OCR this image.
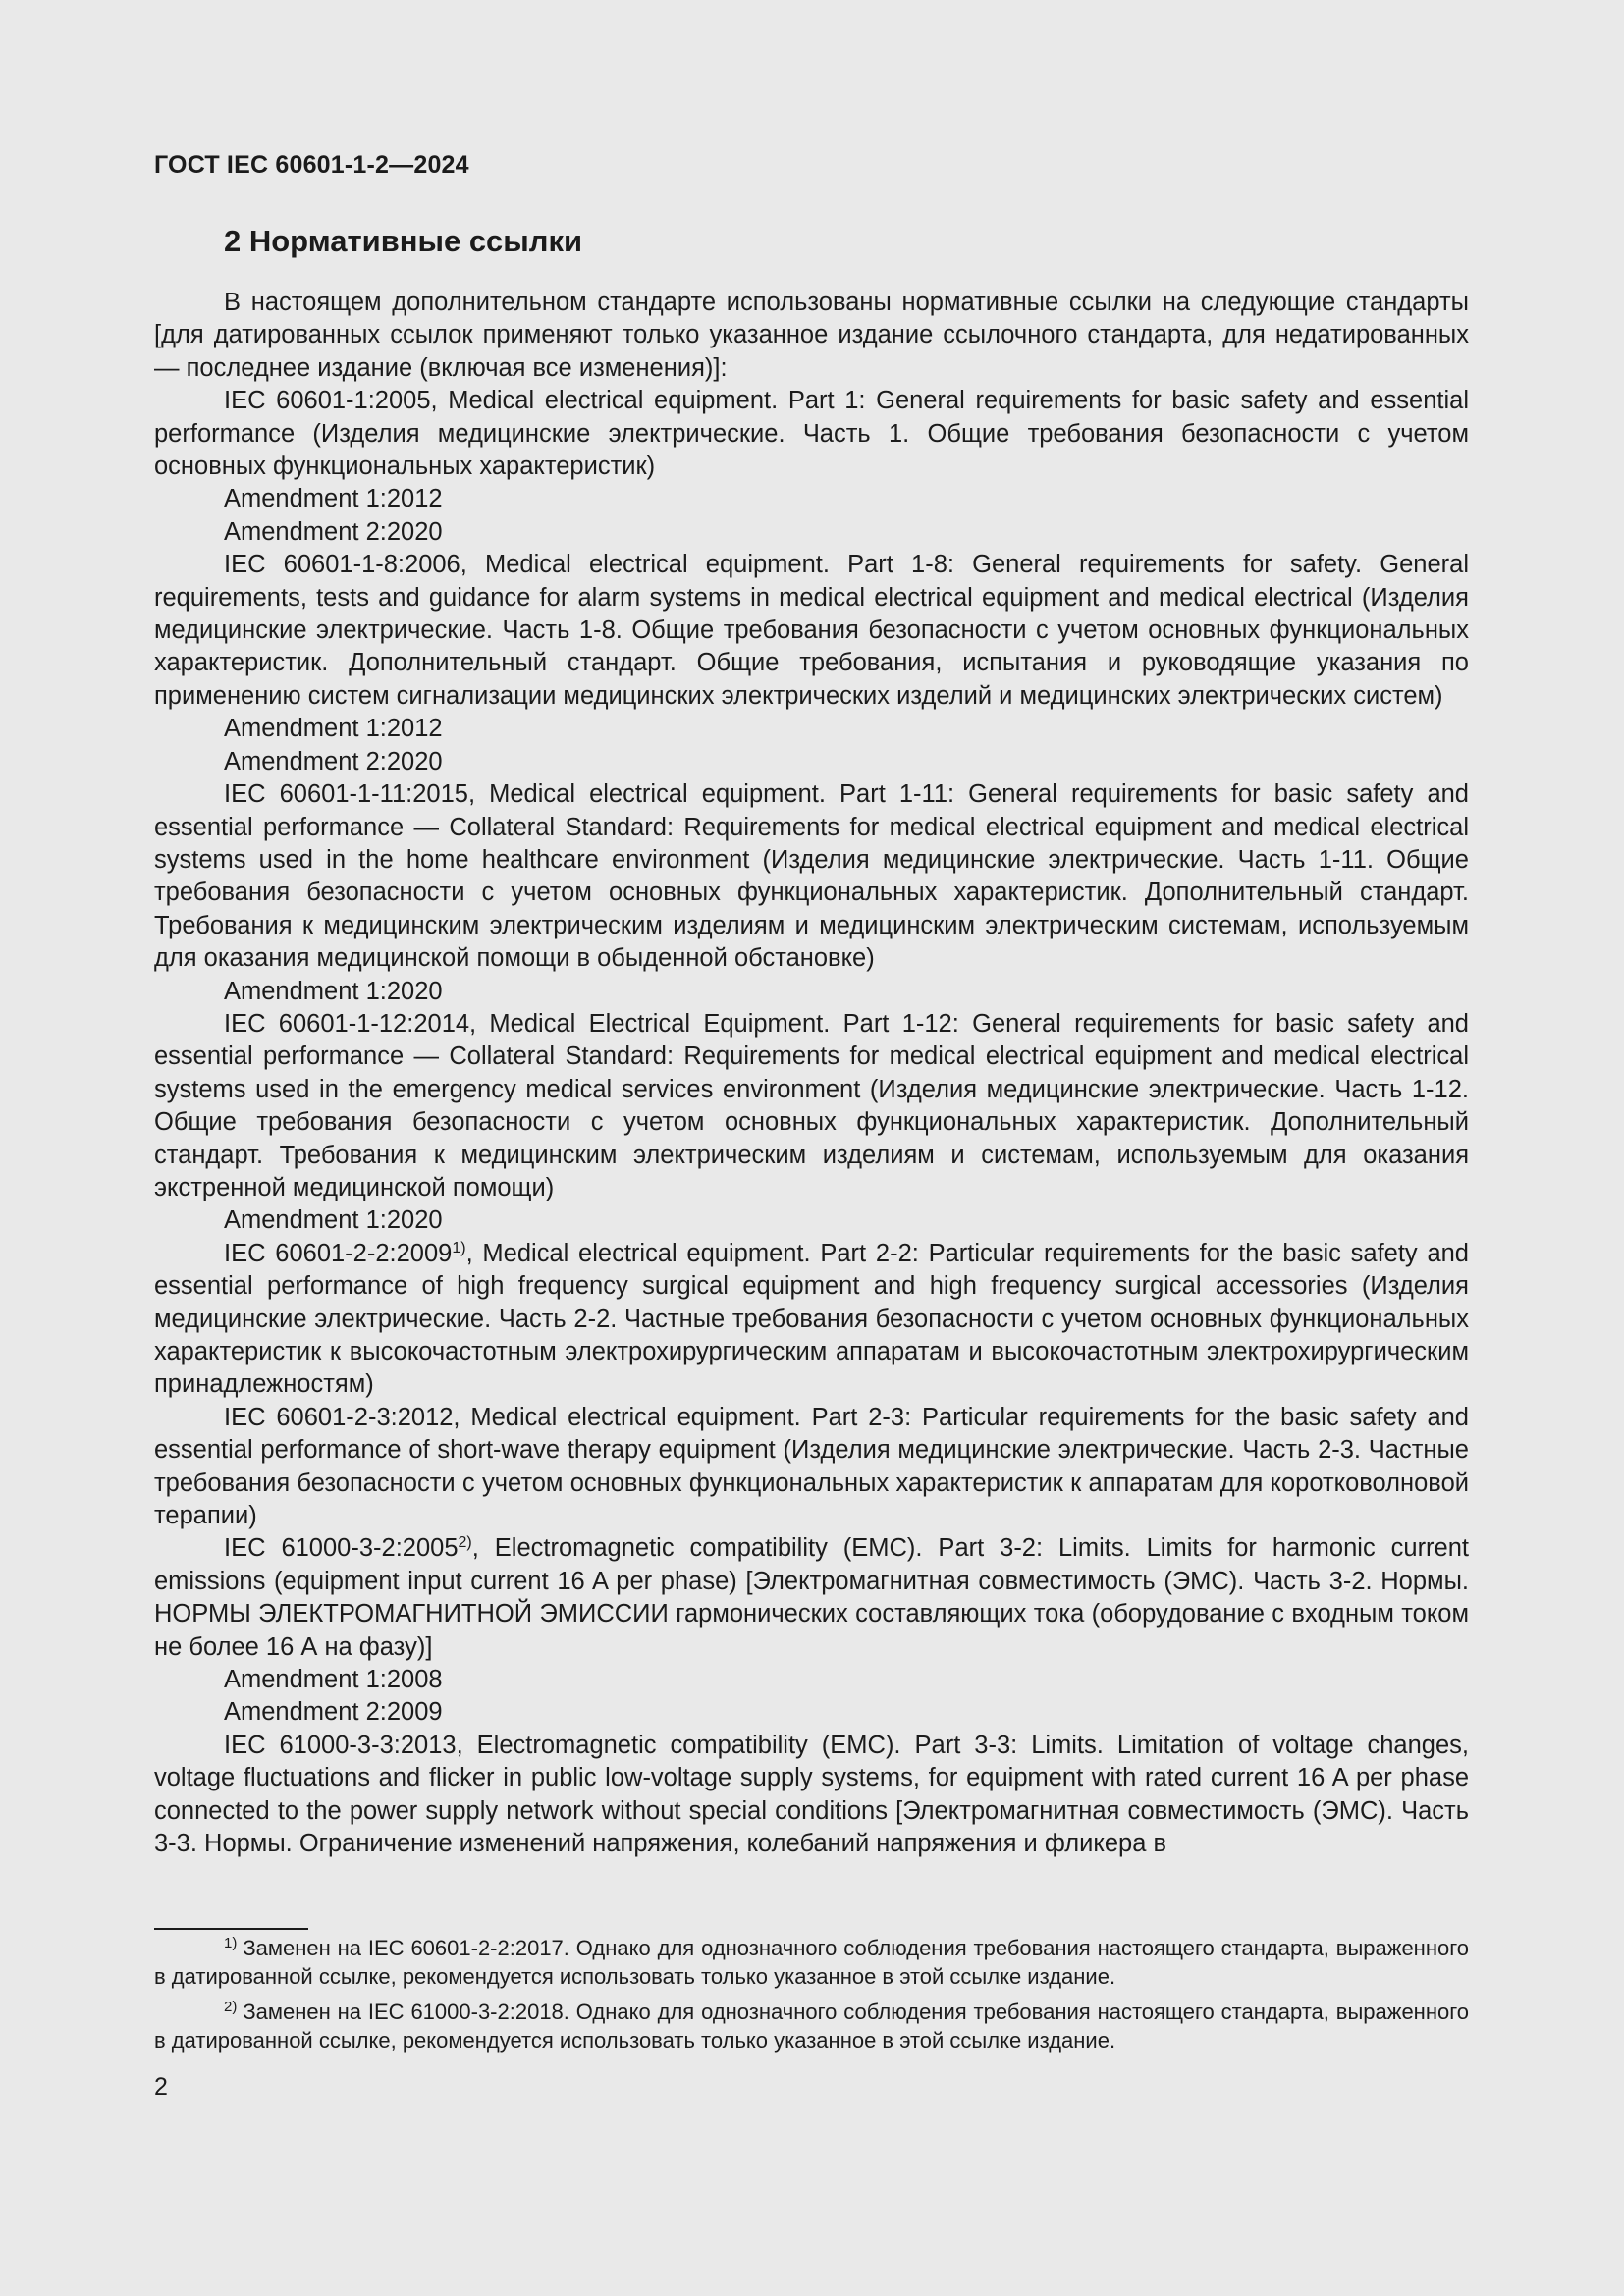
ГОСТ IEC 60601-1-2—2024
2 Нормативные ссылки

В настоящем дополнительном стандарте использованы нормативные ссылки на следующие стандарты [для датированных ссылок применяют только указанное издание ссылочного стандарта, для недатированных — последнее издание (включая все изменения)]:

IEC 60601-1:2005, Medical electrical equipment. Part 1: General requirements for basic safety and essential performance (Изделия медицинские электрические. Часть 1. Общие требования безопасности с учетом основных функциональных характеристик)

Amendment 1:2012

Amendment 2:2020

IEC 60601-1-8:2006, Medical electrical equipment. Part 1-8: General requirements for safety. General requirements, tests and guidance for alarm systems in medical electrical equipment and medical electrical (Изделия медицинские электрические. Часть 1-8. Общие требования безопасности с учетом основных функциональных характеристик. Дополнительный стандарт. Общие требования, испытания и руководящие указания по применению систем сигнализации медицинских электрических изделий и медицинских электрических систем)

Amendment 1:2012

Amendment 2:2020

IEC 60601-1-11:2015, Medical electrical equipment. Part 1-11: General requirements for basic safety and essential performance — Collateral Standard: Requirements for medical electrical equipment and medical electrical systems used in the home healthcare environment (Изделия медицинские электрические. Часть 1-11. Общие требования безопасности с учетом основных функциональных характеристик. Дополнительный стандарт. Требования к медицинским электрическим изделиям и медицинским электрическим системам, используемым для оказания медицинской помощи в обыденной обстановке)

Amendment 1:2020

IEC 60601-1-12:2014, Medical Electrical Equipment. Part 1-12: General requirements for basic safety and essential performance — Collateral Standard: Requirements for medical electrical equipment and medical electrical systems used in the emergency medical services environment (Изделия медицинские электрические. Часть 1-12. Общие требования безопасности с учетом основных функциональных характеристик. Дополнительный стандарт. Требования к медицинским электрическим изделиям и системам, используемым для оказания экстренной медицинской помощи)

Amendment 1:2020

IEC 60601-2-2:2009$^{1)}$, Medical electrical equipment. Part 2-2: Particular requirements for the basic safety and essential performance of high frequency surgical equipment and high frequency surgical accessories (Изделия медицинские электрические. Часть 2-2. Частные требования безопасности с учетом основных функциональных характеристик к высокочастотным электрохирургическим аппаратам и высокочастотным электрохирургическим принадлежностям)

IEC 60601-2-3:2012, Medical electrical equipment. Part 2-3: Particular requirements for the basic safety and essential performance of short-wave therapy equipment (Изделия медицинские электрические. Часть 2-3. Частные требования безопасности с учетом основных функциональных характеристик к аппаратам для коротковолновой терапии)

IEC 61000-3-2:2005$^{2)}$, Electromagnetic compatibility (EMC). Part 3-2: Limits. Limits for harmonic current emissions (equipment input current 16 A per phase) [Электромагнитная совместимость (ЭМС). Часть 3-2. Нормы. НОРМЫ ЭЛЕКТРОМАГНИТНОЙ ЭМИССИИ гармонических составляющих тока (оборудование с входным током не более 16 А на фазу)]

Amendment 1:2008

Amendment 2:2009

IEC 61000-3-3:2013, Electromagnetic compatibility (EMC). Part 3-3: Limits. Limitation of voltage changes, voltage fluctuations and flicker in public low-voltage supply systems, for equipment with rated current 16 A per phase connected to the power supply network without special conditions [Электромагнитная совместимость (ЭМС). Часть 3-3. Нормы. Ограничение изменений напряжения, колебаний напряжения и фликера в

$^{1)}$ Заменен на IEC 60601-2-2:2017. Однако для однозначного соблюдения требования настоящего стандарта, выраженного в датированной ссылке, рекомендуется использовать только указанное в этой ссылке издание.

$^{2)}$ Заменен на IEC 61000-3-2:2018. Однако для однозначного соблюдения требования настоящего стандарта, выраженного в датированной ссылке, рекомендуется использовать только указанное в этой ссылке издание.

2
